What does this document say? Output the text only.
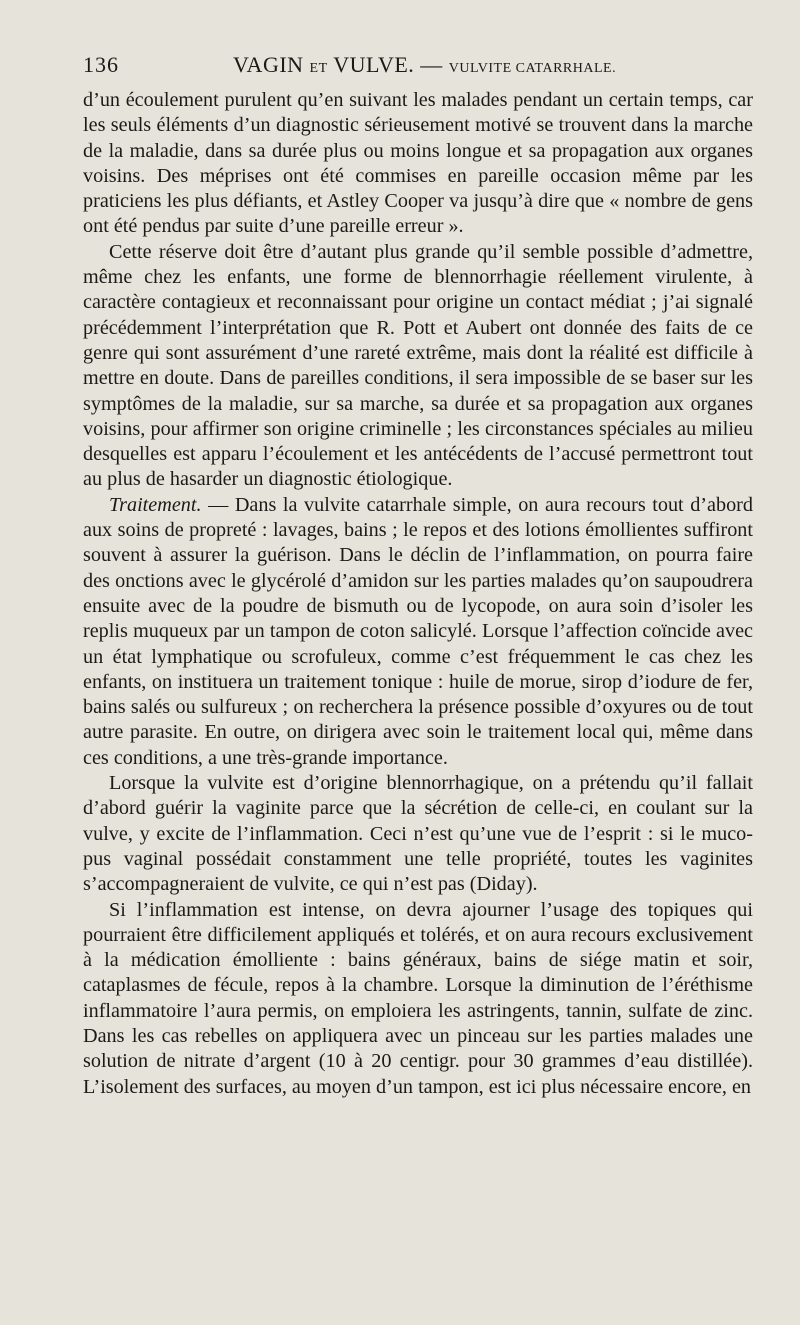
136	VAGIN ET VULVE. — VULVITE CATARRHALE.

d’un écoulement purulent qu’en suivant les malades pendant un certain temps, car les seuls éléments d’un diagnostic sérieusement motivé se trouvent dans la marche de la maladie, dans sa durée plus ou moins longue et sa propagation aux organes voisins. Des méprises ont été commises en pareille occasion même par les praticiens les plus défiants, et Astley Cooper va jusqu’à dire que « nombre de gens ont été pendus par suite d’une pareille erreur ».

Cette réserve doit être d’autant plus grande qu’il semble possible d’admettre, même chez les enfants, une forme de blennorrhagie réellement virulente, à caractère contagieux et reconnaissant pour origine un contact médiat ; j’ai signalé précédemment l’interprétation que R. Pott et Aubert ont donnée des faits de ce genre qui sont assurément d’une rareté extrême, mais dont la réalité est difficile à mettre en doute. Dans de pareilles conditions, il sera impossible de se baser sur les symptômes de la maladie, sur sa marche, sa durée et sa propagation aux organes voisins, pour affirmer son origine criminelle ; les circonstances spéciales au milieu desquelles est apparu l’écoulement et les antécédents de l’accusé permettront tout au plus de hasarder un diagnostic étiologique.

Traitement. — Dans la vulvite catarrhale simple, on aura recours tout d’abord aux soins de propreté : lavages, bains ; le repos et des lotions émollientes suffiront souvent à assurer la guérison. Dans le déclin de l’inflammation, on pourra faire des onctions avec le glycérolé d’amidon sur les parties malades qu’on saupoudrera ensuite avec de la poudre de bismuth ou de lycopode, on aura soin d’isoler les replis muqueux par un tampon de coton salicylé. Lorsque l’affection coïncide avec un état lymphatique ou scrofuleux, comme c’est fréquemment le cas chez les enfants, on instituera un traitement tonique : huile de morue, sirop d’iodure de fer, bains salés ou sulfureux ; on recherchera la présence possible d’oxyures ou de tout autre parasite. En outre, on dirigera avec soin le traitement local qui, même dans ces conditions, a une très-grande importance.

Lorsque la vulvite est d’origine blennorrhagique, on a prétendu qu’il fallait d’abord guérir la vaginite parce que la sécrétion de celle-ci, en coulant sur la vulve, y excite de l’inflammation. Ceci n’est qu’une vue de l’esprit : si le muco-pus vaginal possédait constamment une telle propriété, toutes les vaginites s’accompagneraient de vulvite, ce qui n’est pas (Diday).

Si l’inflammation est intense, on devra ajourner l’usage des topiques qui pourraient être difficilement appliqués et tolérés, et on aura recours exclusivement à la médication émolliente : bains généraux, bains de siége matin et soir, cataplasmes de fécule, repos à la chambre. Lorsque la diminution de l’éréthisme inflammatoire l’aura permis, on emploiera les astringents, tannin, sulfate de zinc. Dans les cas rebelles on appliquera avec un pinceau sur les parties malades une solution de nitrate d’argent (10 à 20 centigr. pour 30 grammes d’eau distillée). L’isolement des surfaces, au moyen d’un tampon, est ici plus nécessaire encore, en
